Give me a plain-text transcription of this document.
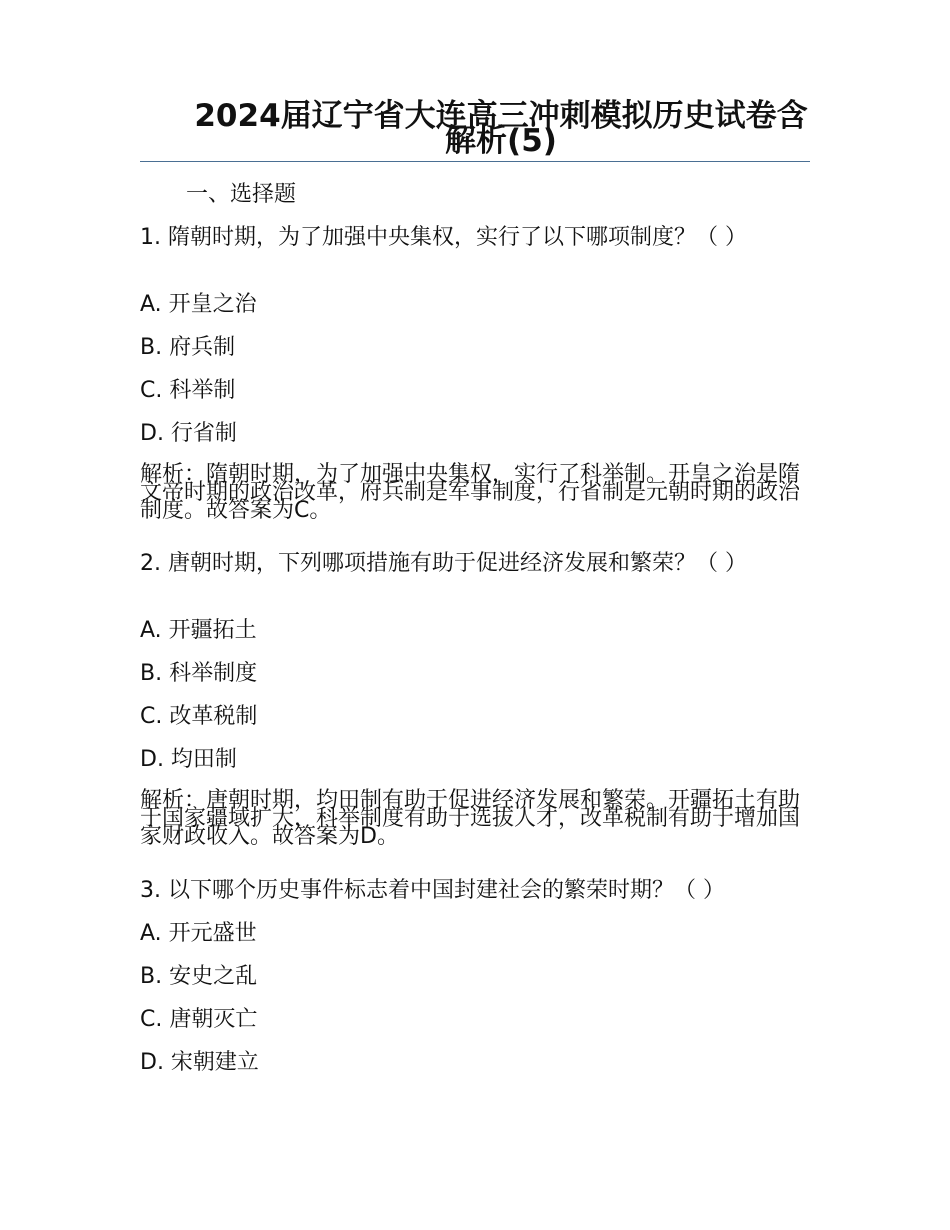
2024届辽宁省大连高三冲刺模拟历史试卷含解析(5)
一、选择题
1. 隋朝时期，为了加强中央集权，实行了以下哪项制度？（ ）
A. 开皇之治
B. 府兵制
C. 科举制
D. 行省制
解析：隋朝时期，为了加强中央集权，实行了科举制。开皇之治是隋文帝时期的政治改革，府兵制是军事制度，行省制是元朝时期的政治制度。故答案为C。
2. 唐朝时期，下列哪项措施有助于促进经济发展和繁荣？（ ）
A. 开疆拓土
B. 科举制度
C. 改革税制
D. 均田制
解析：唐朝时期，均田制有助于促进经济发展和繁荣。开疆拓土有助于国家疆域扩大，科举制度有助于选拔人才，改革税制有助于增加国家财政收入。故答案为D。
3. 以下哪个历史事件标志着中国封建社会的繁荣时期？（ ）
A. 开元盛世
B. 安史之乱
C. 唐朝灭亡
D. 宋朝建立
